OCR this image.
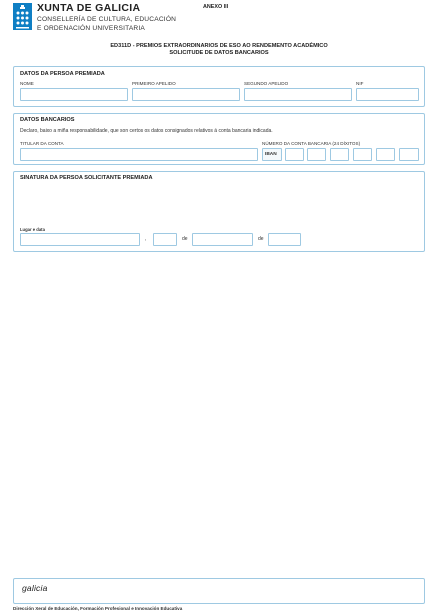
XUNTA DE GALICIA
CONSELLERÍA DE CULTURA, EDUCACIÓN
E ORDENACIÓN UNIVERSITARIA
ANEXO III
ED311D - PREMIOS EXTRAORDINARIOS DE ESO AO RENDEMENTO ACADÉMICO
SOLICITUDE DE DATOS BANCARIOS
DATOS DA PERSOA PREMIADA
NOME	PRIMEIRO APELIDO	SEGUNDO APELIDO	NIF
DATOS BANCARIOS
Declaro, baixo a miña responsabilidade, que son certos os datos consignados relativos á conta bancaria indicada.
TITULAR DA CONTA	NÚMERO DA CONTA BANCARIA (24 DÍXITOS)
IBAN
SINATURA DA PERSOA SOLICITANTE PREMIADA
Lugar e data
,	de	de
galicia
Dirección Xeral de Educación, Formación Profesional e Innovación Educativa
